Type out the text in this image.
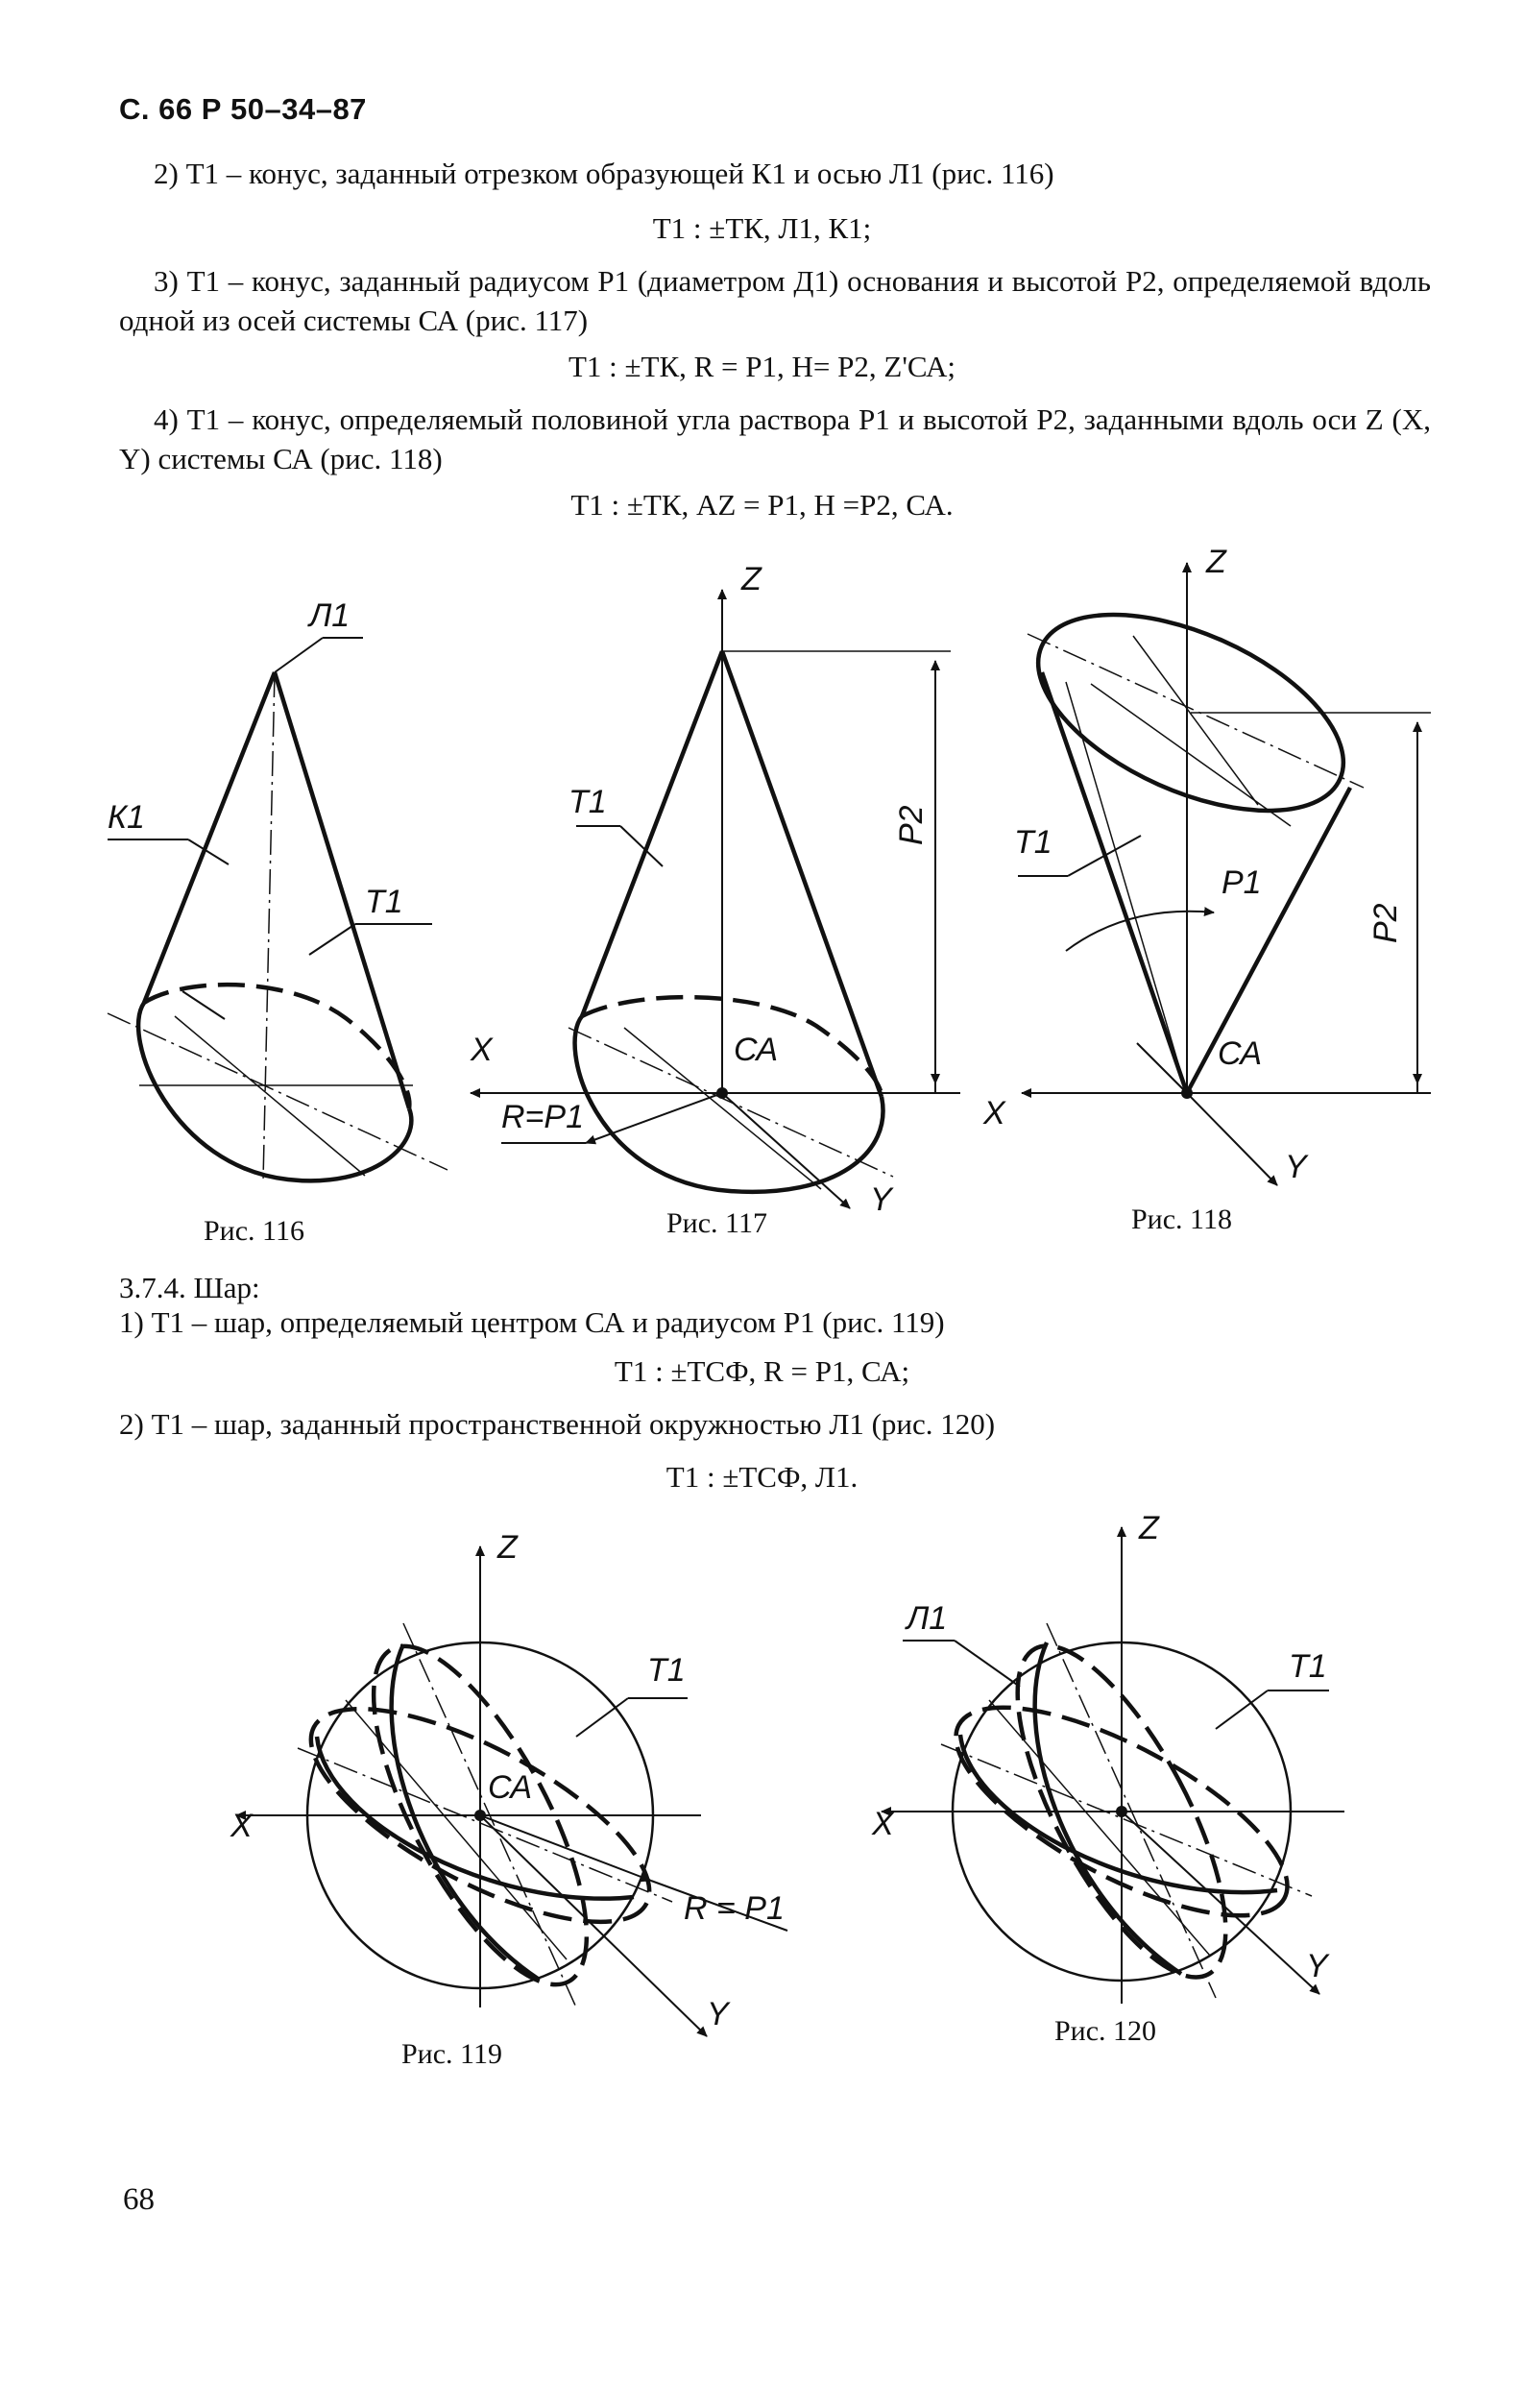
С. 66 Р 50–34–87
2) Т1 – конус, заданный отрезком образующей К1 и осью Л1 (рис. 116)
Т1 : ±ТК, Л1, К1;
3) Т1 – конус, заданный радиусом Р1 (диаметром Д1) основания и высотой Р2, определяемой вдоль одной из осей системы СА (рис. 117)
Т1 : ±ТК, R = Р1, Н= Р2, Z'СА;
4) Т1 – конус, определяемый половиной угла раствора Р1 и высотой Р2, заданными вдоль оси Z (X, Y) системы СА (рис. 118)
Т1 : ±ТК, AZ = Р1, Н =Р2, СА.
Л1
К1
Т1
Рис. 116
Z
X
Y
Т1
Р2
СА
R=Р1
Рис. 117
Z
X
Y
Т1
Р1
Р2
СА
Рис. 118
3.7.4. Шар:
1) Т1 – шар, определяемый центром СА и радиусом Р1 (рис. 119)
Т1 : ±ТСФ, R = Р1, СА;
2) Т1 – шар, заданный пространственной окружностью Л1 (рис. 120)
Т1 : ±ТСФ, Л1.
Z
X
Y
Т1
СА
R = Р1
Рис. 119
Z
X
Y
Л1
Т1
Рис. 120
68
